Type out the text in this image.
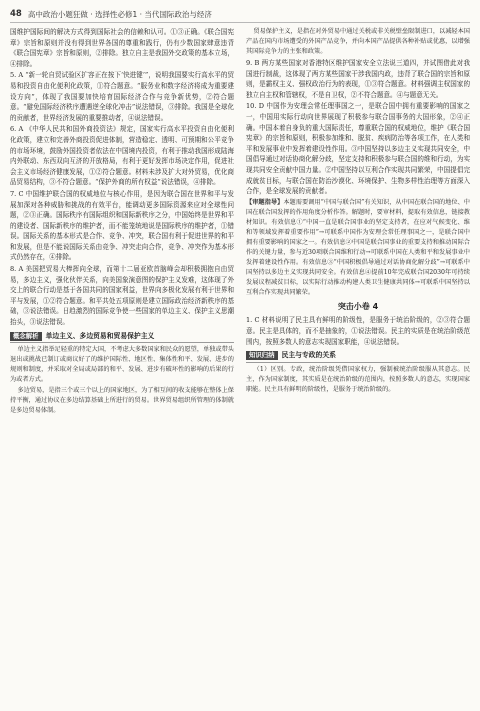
48 高中政治小题狂做 · 选择性必修1 · 当代国际政治与经济

国维护国际间的解决方式得到国际社会的信赖和认可。①③正确。《联合国宪章》宗旨和原则并没有得到世界各国的尊重和践行，仍有少数国家肆意违背《联合国宪章》宗旨和原则，②排除。独立自主是我国外交政策的基本立场，④排除。

5. A “新一轮自贸试验区扩容正在按下‘快进键’”，说明我国要实行高水平的贸易和投资自由化便利化政策，①符合题意。“服务业和数字经济将成为重要建设方向”，体现了我国要加快培育国际经济合作与竞争新优势，②符合题意。“避免国际经济秩序遭遇逆全球化冲击”说法错误，③排除。我国是全球化的贡献者，世界经济发展的重要推动者，④说法错误。

6. A 《中华人民共和国外商投资法》规定，国家实行高水平投资自由化便利化政策，建立和完善外商投资促进体制，营造稳定、透明、可预期和公平竞争的市场环境，鼓励外国投资者依法在中国境内投资，有利于推动我国形成陆海内外联动、东西双向互济的开放格局，有利于更好发挥市场决定作用，促进社会主义市场经济健康发展，①②符合题意。材料未涉及扩大对外贸易，优化商品贸易结构，③不符合题意。“保护外商的所有权益”说法错误，④排除。

7. C 中国维护联合国的权威地位与核心作用，是因为联合国在世界和平与发展加深对各种威胁和挑战的有效平台，能调动更多国际资源来应对全球性问题，②③正确。国际秩序有国际组织和国际新秩序之分，中国始终是世界和平的建设者、国际新秩序的维护者，而不能笼统地说是国际秩序的维护者，①错误。国际关系的基本形式是合作、竞争、冲突，联合国有利于促进世界的和平和发展，但是不能说国际关系由竞争、冲突走向合作，竞争、冲突作为基本形式仍然存在，④排除。

8. A 美国把贸易大棒挥向全球，而第十二届亚欧首脑峰会却积极拥抱自由贸易，多边主义，强化伙伴关系，向美国象演意图的保护主义发难，这体现了外交上的联合行动是基于各国共同的国家利益，世界向多极化发展有利于世界和平与发展，①②符合题意。和平共处五项原则是建立国际政治经济新秩序的基础，③说法错误。日趋激烈的国际竞争使一些国家的单边主义、保护主义思潮抬头，③说法错误。

概念解析 单边主义、多边贸易和贸易保护主义

单边主义指举足轻重的特定大国，不考虑大多数国家和民众的愿望，单独或带头退出或挑战已制订或商议好了的维护国际性、地区性、集体性和平、发展、进步的规则和制度，并采取对全局或局部的和平、发展、进步有破坏性的影响的后果的行为或者方式。

多边贸易，是指三个或三个以上的国家地区，为了相互间的收支能够在整体上保持平衡，通过协议在多边结算基础上所进行的贸易。世界贸易组织所管理的体制就是多边贸易体制。

贸易保护主义，是指在对外贸易中通过关税或非关税壁垒限制进口，以减轻本国产品在国内市场遭受的外国产品竞争，并向本国产品提供各种补贴或优惠，以增强其国际竞争力的主张和政策。

9. B 两方某些国家对香港特区维护国家安全立法说三道四，并试图借此对我国进行制裁，这体现了两方某些国家干涉我国内政，违背了联合国的宗旨和原则，是霸权主义、强权政治行为的表现，①③符合题意。材料强调主权国家的独立自主权和管辖权，不是自卫权，②不符合题意。④与题意无关。

10. D 中国作为安理会常任理事国之一，是联合国中拥有重要影响的国家之一，中国用实际行动向世界展现了积极参与联合国事务的大国形象，②④正确。中国本着自身负的重大国际责任，尊重联合国的权威地位，维护《联合国宪章》的宗旨和原则，积极参加维和、脱贫、疾病防治等各项工作，在人类和平和发展事业中发挥着建设性作用。③中国坚持以多边主义实现共同安全，中国倡导通过对话协商化解分歧，坚定支持和积极参与联合国的维和行动，为实现共同安全贡献中国力量。②中国坚持以互利合作实现共同繁荣，中国提倡完成就贫目标，与联合国在防治沙漠化、环境保护、生物多样性治理等方面深入合作，是全球发展的贡献者。

【审题指导】本题需要调用“中国与联合国”有关知识，从中国在联合国的地位、中国在联合国发挥的作用角度分析作答。解题时，要审材料，提取有效信息，链接教材知识。有效信息①“中国一直是联合国事业的坚定支持者，在应对气候变化、维和等领域发挥着重要作用”→可联系中国作为安理会常任理事国之一，是联合国中拥有重要影响的国家之一。有效信息②中国是联合国事业的重要支持和推动国际合作的关键力量，参与近30项联合国维和行动→可联系中国在人类和平和发展事业中发挥着建设性作用。有效信息③“中国积极倡导通过对话协商化解分歧”→可联系中国坚持以多边主义实现共同安全。有效信息④提前10年完成联合国2030年可持续发展议程减贫目标，以实际行动推动构建人类卫生健康共同体→可联系中国坚持以互利合作实现共同繁荣。

突击小卷 4

1. C 材料说明了民主具有鲜明的阶级性，是服务于统治阶级的，②③符合题意。民主是具体的，而不是抽象的，①说法错误。民主的实质是在统治阶级范围内，按照多数人的意志实现国家职能，④说法错误。

知识归纳 民主与专政的关系

（1）区别。专政，统治阶级凭借国家权力，强制被统治阶级服从其意志。民主，作为国家制度，其实质是在统治阶级的范围内，按照多数人的意志，实现国家职能。民主具有鲜明的阶级性，是服务于统治阶级的。
